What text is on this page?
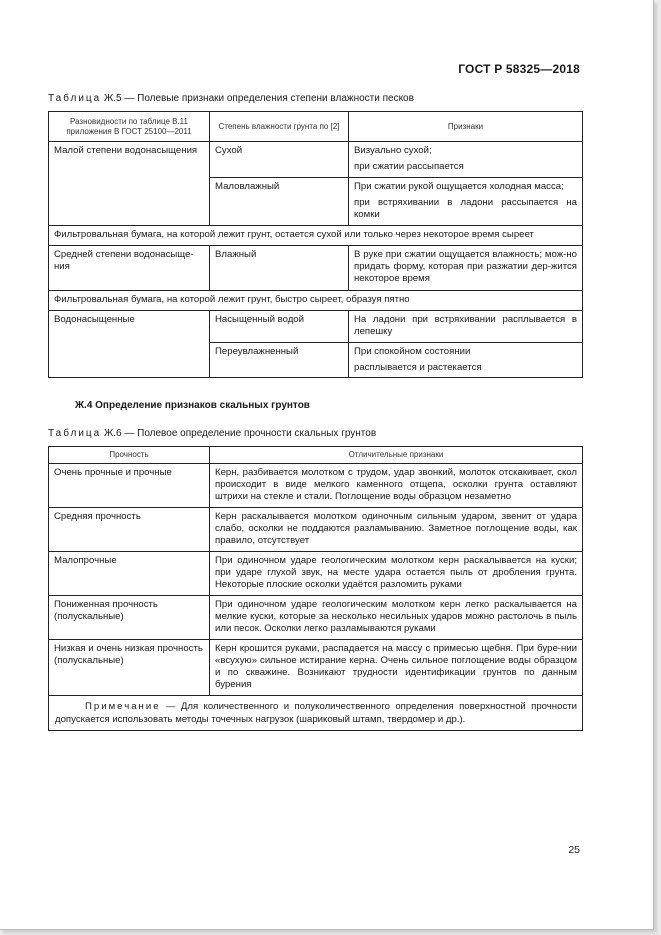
ГОСТ Р 58325—2018
Таблица Ж.5 — Полевые признаки определения степени влажности песков
Разновидности по таблице В.11 приложения В ГОСТ 25100—2011	Степень влажности грунта по [2]	Признаки
Малой степени водонасыщения	Сухой	Визуально сухой;
при сжатии рассыпается

	Маловлажный	При сжатии рукой ощущается холодная масса;
при встряхивании в ладони рассыпается на комки

Фильтровальная бумага, на которой лежит грунт, остается сухой или только через некоторое время сыреет		
Средней степени водонасыще-ния	Влажный	В руке при сжатии ощущается влажность; мож-но придать форму, которая при разжатии дер-жится некоторое время
Фильтровальная бумага, на которой лежит грунт, быстро сыреет, образуя пятно		
Водонасыщенные	Насыщенный водой	На ладони при встряхивании расплывается в лепешку
	Переувлажненный	При спокойном состоянии
расплывается и растекается
Ж.4 Определение признаков скальных грунтов
Таблица Ж.6 — Полевое определение прочности скальных грунтов
Прочность	Отличительные признаки
Очень прочные и прочные	Керн, разбивается молотком с трудом, удар звонкий, молоток отскакивает, скол происходит в виде мелкого каменного отщепа, осколки грунта оставляют штрихи на стекле и стали. Поглощение воды образцом незаметно
Средняя прочность	Керн раскалывается молотком одиночным сильным ударом, звенит от удара слабо, осколки не поддаются разламыванию. Заметное поглощение воды, как правило, отсутствует
Малопрочные	При одиночном ударе геологическим молотком керн раскалывается на куски; при ударе глухой звук, на месте удара остается пыль от дробления грунта. Некоторые плоские осколки удаётся разломить руками
Пониженная прочность (полускальные)	При одиночном ударе геологическим молотком керн легко раскалывается на мелкие куски, которые за несколько несильных ударов можно растолочь в пыль или песок. Осколки легко разламываются руками
Низкая и очень низкая прочность (полускальные)	Керн крошится руками, распадается на массу с примесью щебня. При буре-нии «всухую» сильное истирание керна. Очень сильное поглощение воды образцом и по скважине. Возникают трудности идентификации грунтов по данным бурения
Примечание — Для количественного и полуколичественного определения поверхностной прочности допускается использовать методы точечных нагрузок (шариковый штамп, твердомер и др.).	
25
